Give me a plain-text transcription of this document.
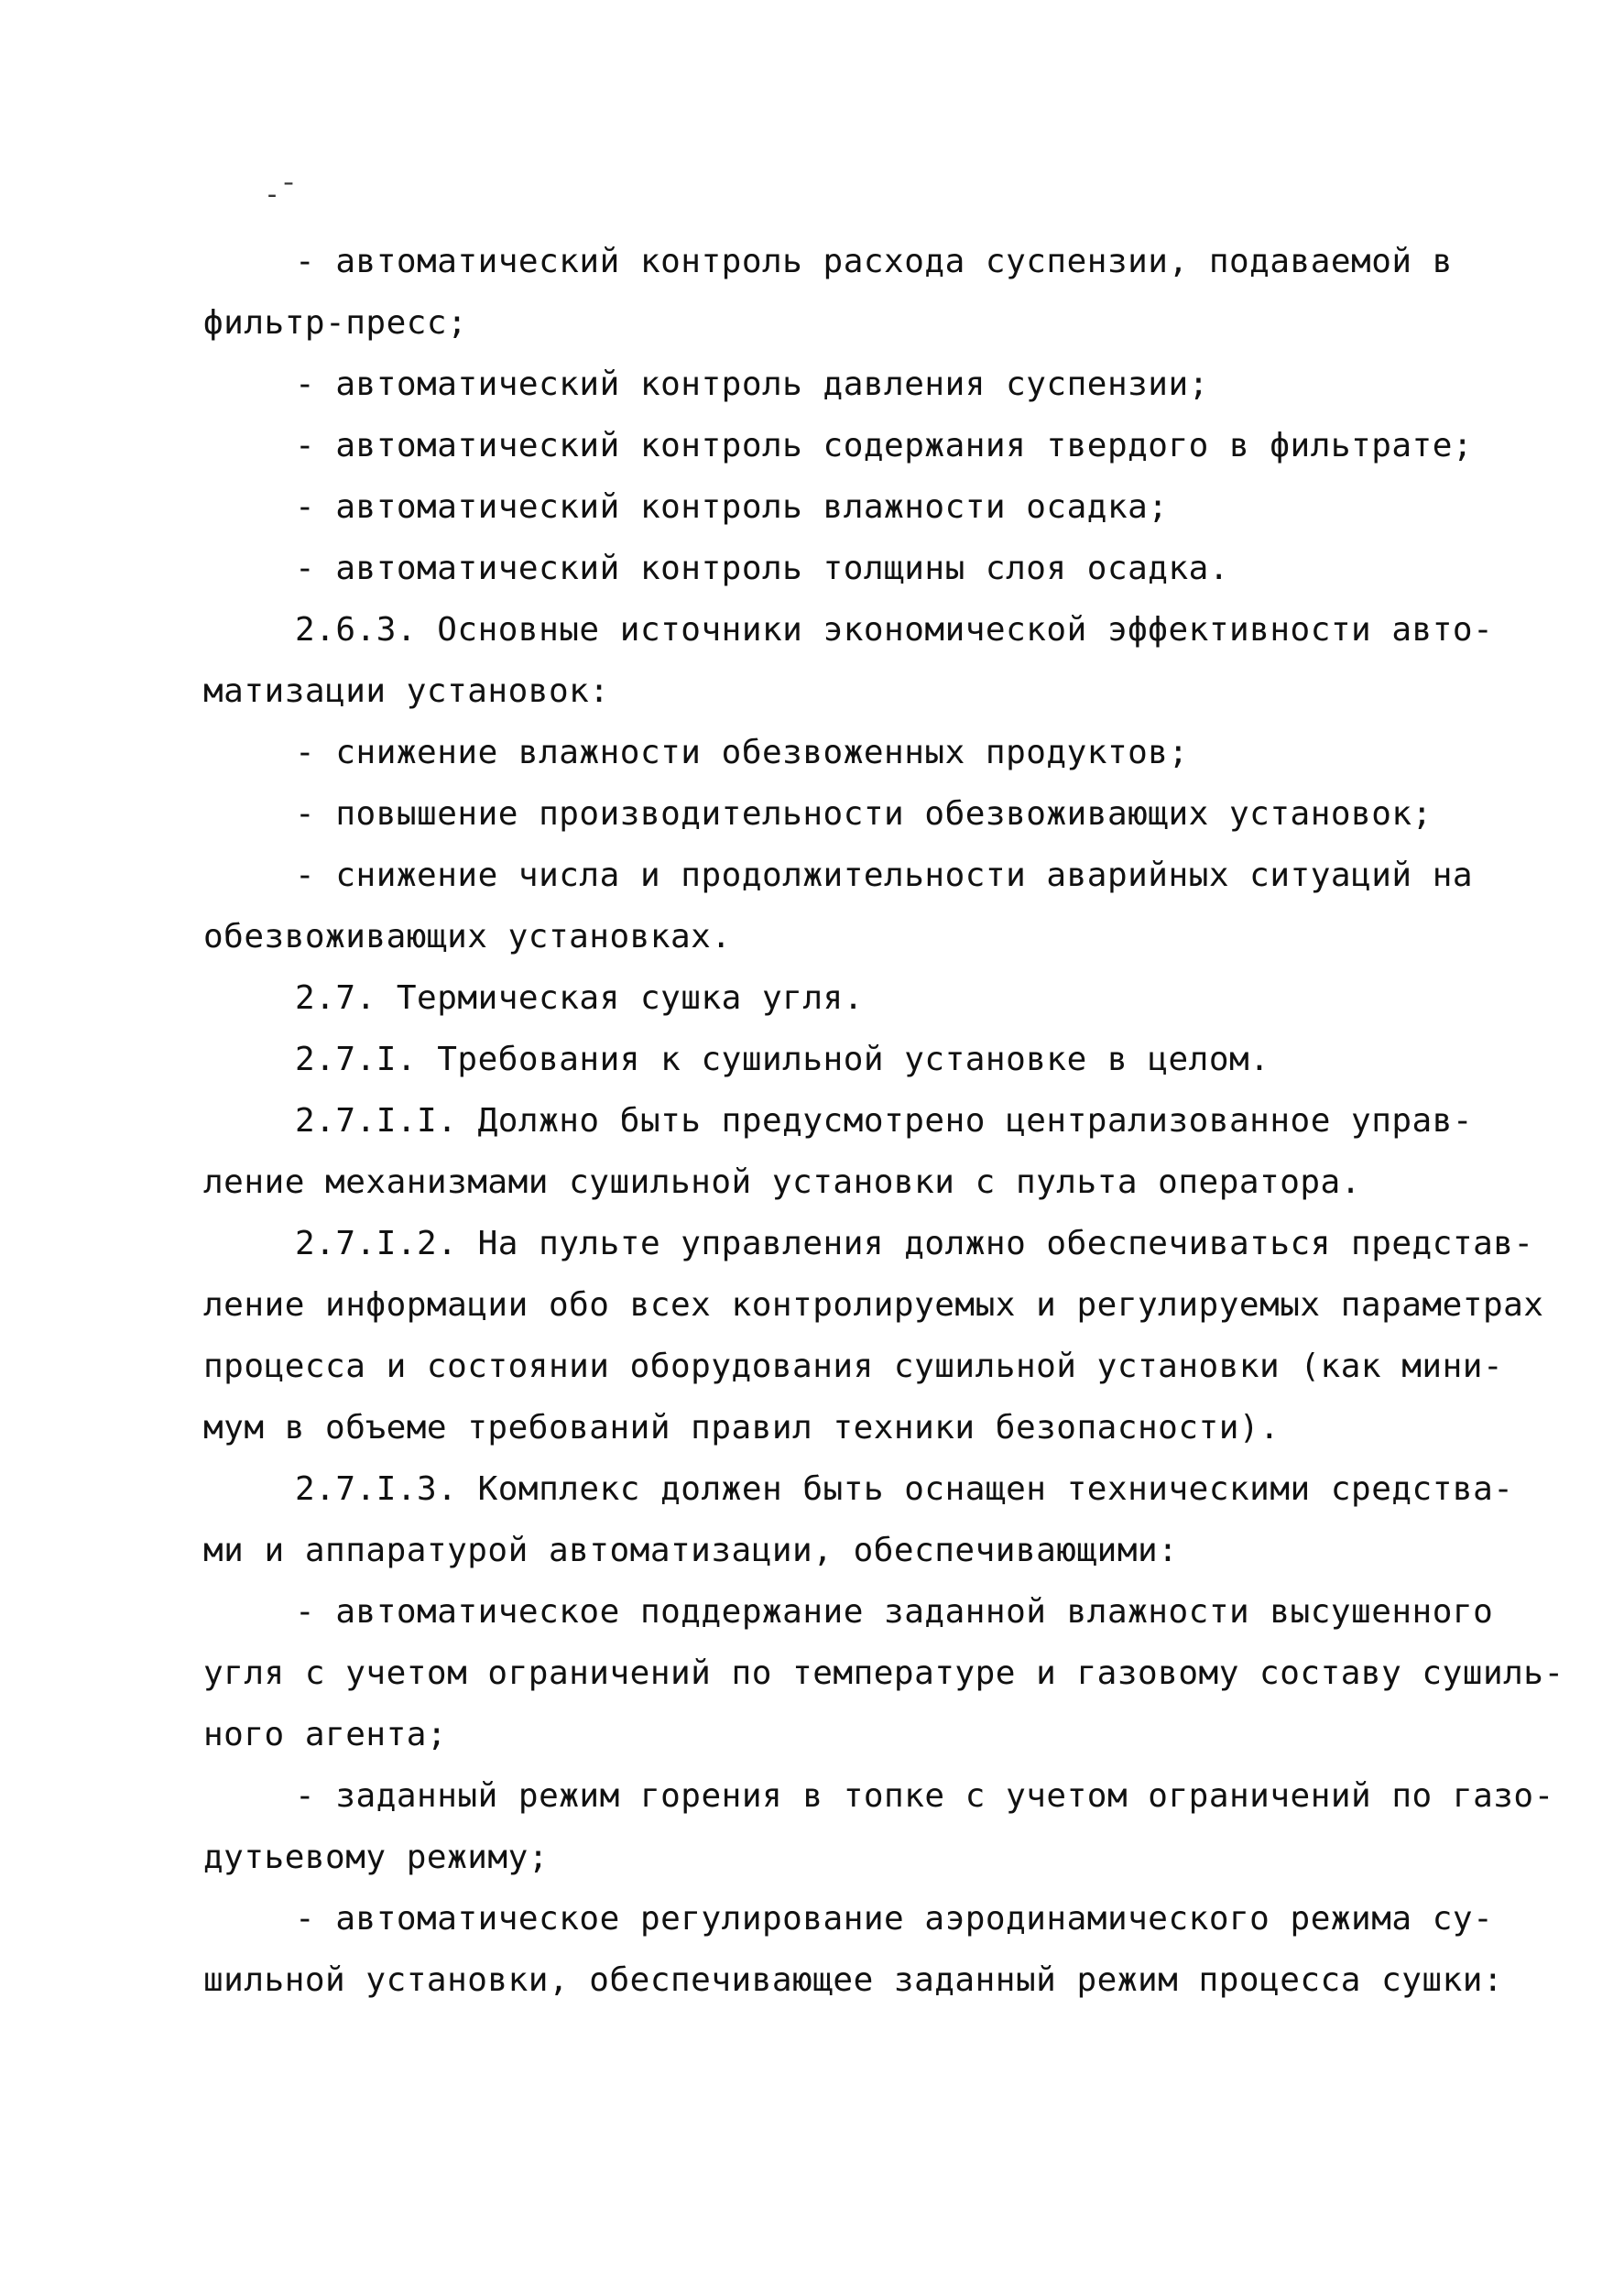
-̄
- автоматический контроль расхода суспензии, подаваемой в
фильтр-пресс;
- автоматический контроль давления суспензии;
- автоматический контроль содержания твердого в фильтрате;
- автоматический контроль влажности осадка;
- автоматический контроль толщины слоя осадка.
2.6.3. Основные источники экономической эффективности авто-
матизации установок:
- снижение влажности обезвоженных продуктов;
- повышение производительности обезвоживающих установок;
- снижение числа и продолжительности аварийных ситуаций на
обезвоживающих установках.
2.7. Термическая сушка угля.
2.7.I. Требования к сушильной установке в целом.
2.7.I.I. Должно быть предусмотрено централизованное управ-
ление механизмами сушильной установки с пульта оператора.
2.7.I.2. На пульте управления должно обеспечиваться представ-
ление информации обо всех контролируемых и регулируемых параметрах
процесса и состоянии оборудования сушильной установки (как мини-
мум в объеме требований правил техники безопасности).
2.7.I.3. Комплекс должен быть оснащен техническими средства-
ми и аппаратурой автоматизации, обеспечивающими:
- автоматическое поддержание заданной влажности высушенного
угля с учетом ограничений по температуре и газовому составу сушиль-
ного агента;
- заданный режим горения в топке с учетом ограничений по газо-
дутьевому режиму;
- автоматическое регулирование аэродинамического режима су-
шильной установки, обеспечивающее заданный режим процесса сушки:
